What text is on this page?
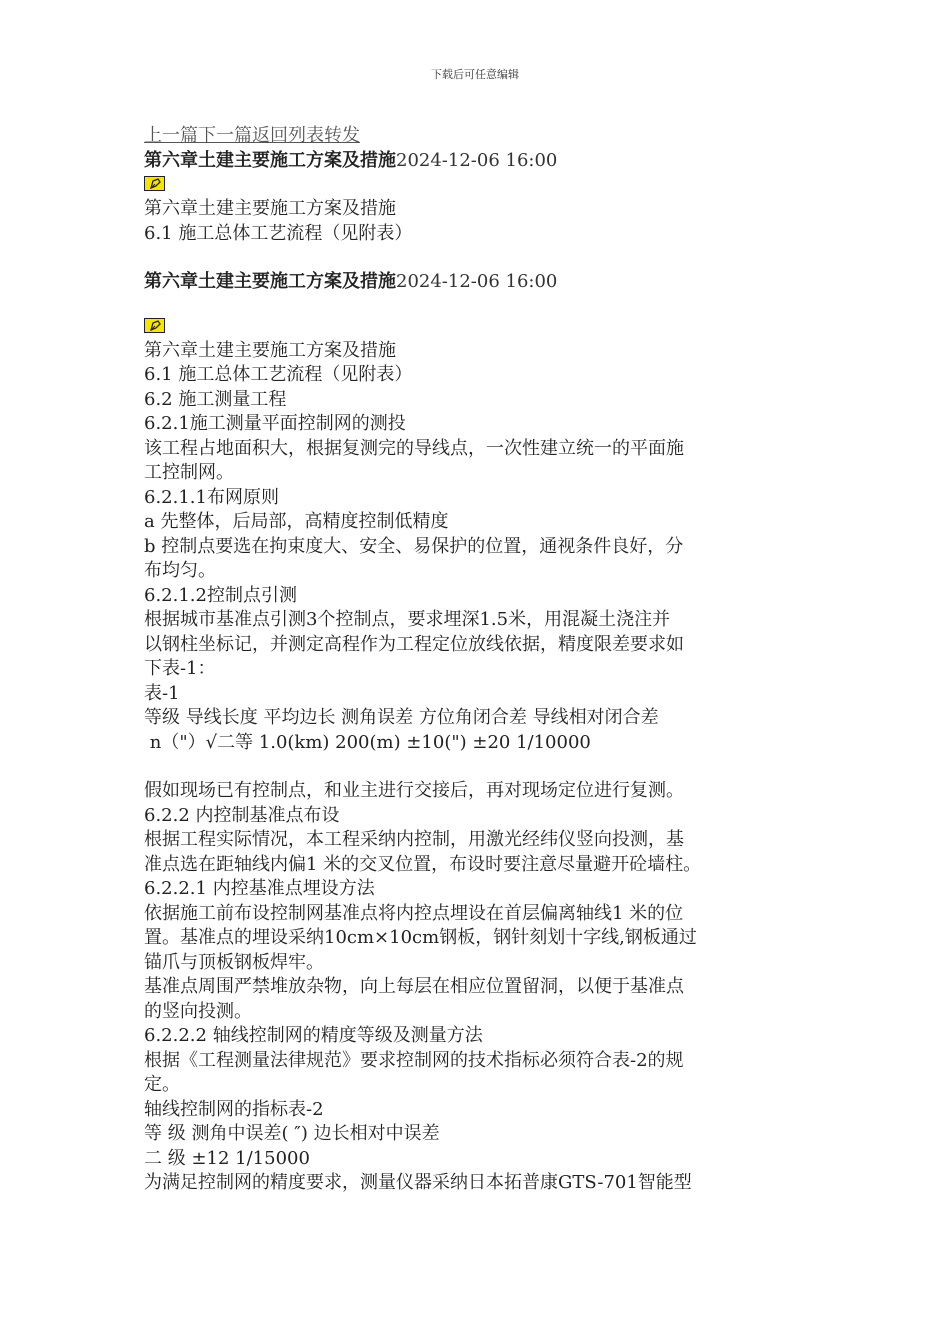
下载后可任意编辑
上一篇下一篇返回列表转发
第六章土建主要施工方案及措施2024-12-06 16:00
第六章土建主要施工方案及措施
6.1 施工总体工艺流程（见附表）
第六章土建主要施工方案及措施2024-12-06 16:00
第六章土建主要施工方案及措施
6.1 施工总体工艺流程（见附表）
6.2 施工测量工程
6.2.1施工测量平面控制网的测投
该工程占地面积大，根据复测完的导线点，一次性建立统一的平面施
工控制网。
6.2.1.1布网原则
a 先整体，后局部，高精度控制低精度
b 控制点要选在拘束度大、安全、易保护的位置，通视条件良好，分
布均匀。
6.2.1.2控制点引测
根据城市基准点引测3个控制点，要求埋深1.5米，用混凝土浇注并
以钢柱坐标记，并测定高程作为工程定位放线依据，精度限差要求如
下表-1：
表-1
等级 导线长度 平均边长 测角误差 方位角闭合差 导线相对闭合差
n（"）√二等 1.0(km) 200(m) ±10(") ±20 1/10000
假如现场已有控制点，和业主进行交接后，再对现场定位进行复测。
6.2.2 内控制基准点布设
根据工程实际情况，本工程采纳内控制，用激光经纬仪竖向投测，基
准点选在距轴线内偏1 米的交叉位置，布设时要注意尽量避开砼墙柱。
6.2.2.1 内控基准点埋设方法
依据施工前布设控制网基准点将内控点埋设在首层偏离轴线1 米的位
置。基准点的埋设采纳10cm×10cm钢板，钢针刻划十字线,钢板通过
锚爪与顶板钢板焊牢。
基准点周围严禁堆放杂物，向上每层在相应位置留洞，以便于基准点
的竖向投测。
6.2.2.2 轴线控制网的精度等级及测量方法
根据《工程测量法律规范》要求控制网的技术指标必须符合表-2的规
定。
轴线控制网的指标表-2
等 级 测角中误差( ″) 边长相对中误差
二 级 ±12 1/15000
为满足控制网的精度要求，测量仪器采纳日本拓普康GTS-701智能型
